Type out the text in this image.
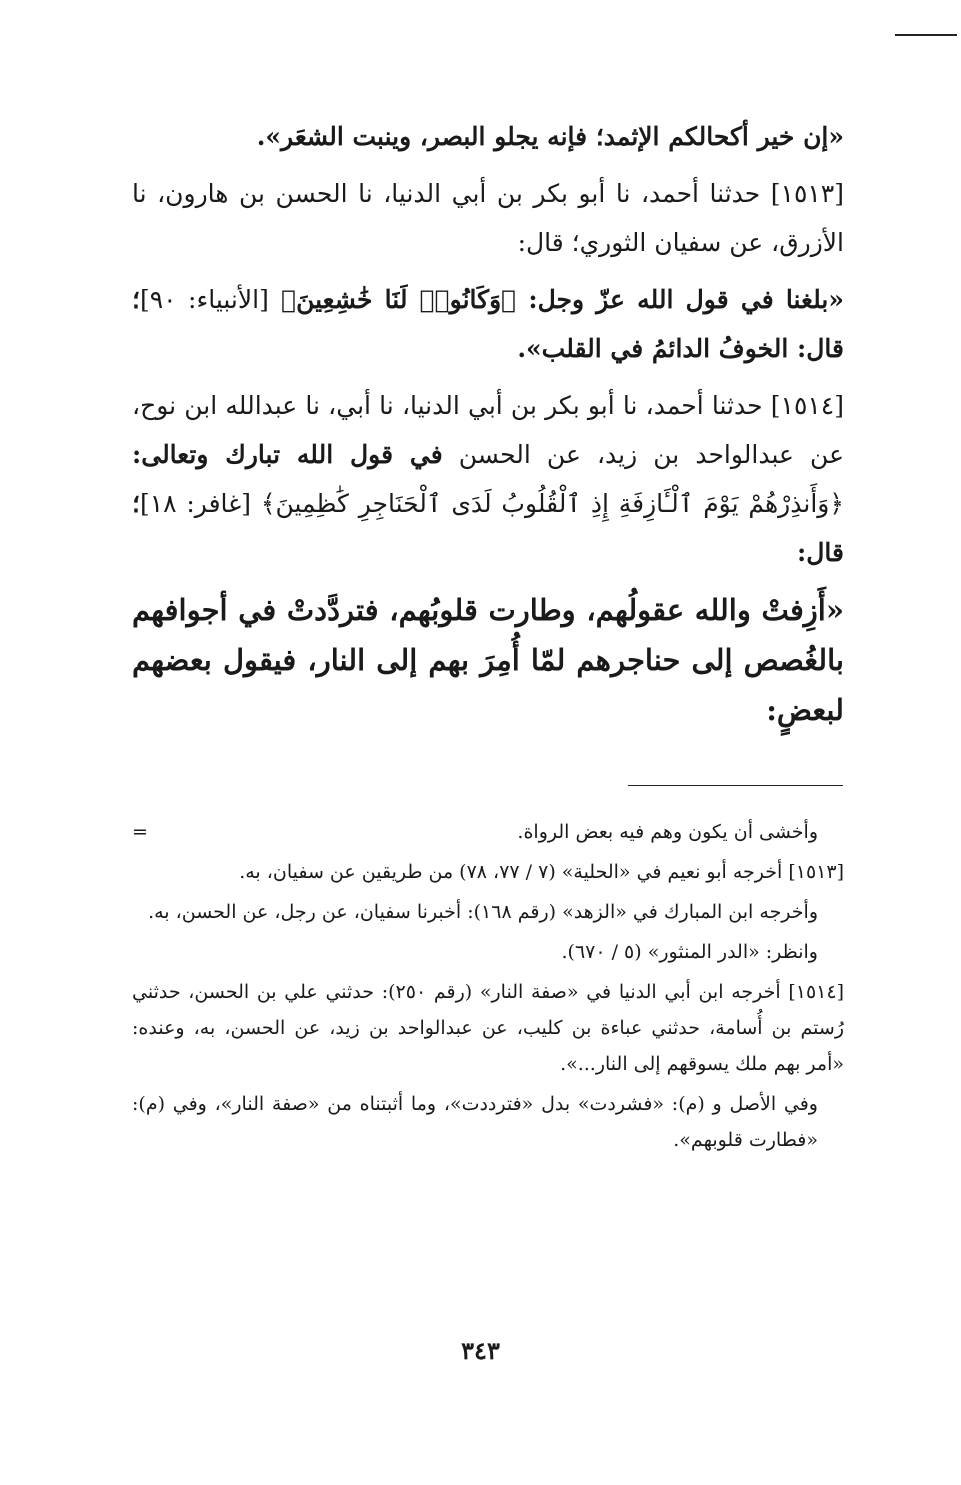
«إن خير أكحالكم الإثمد؛ فإنه يجلو البصر، وينبت الشعَر».

[١٥١٣] حدثنا أحمد، نا أبو بكر بن أبي الدنيا، نا الحسن بن هارون، نا الأزرق، عن سفيان الثوري؛ قال:

«بلغنا في قول الله عزّ وجل: ﴿وَكَانُوا۟ لَنَا خَٰشِعِينَ﴾ [الأنبياء: ٩٠]؛ قال: الخوفُ الدائمُ في القلب».

[١٥١٤] حدثنا أحمد، نا أبو بكر بن أبي الدنيا، نا أبي، نا عبدالله ابن نوح، عن عبدالواحد بن زيد، عن الحسن في قول الله تبارك وتعالى: ﴿وَأَنذِرْهُمْ يَوْمَ ٱلْـَٔازِفَةِ إِذِ ٱلْقُلُوبُ لَدَى ٱلْحَنَاجِرِ كَٰظِمِينَ﴾ [غافر: ١٨]؛ قال:

«أَزِفتْ والله عقولُهم، وطارت قلوبُهم، فتردَّدتْ في أجوافهم بالغُصص إلى حناجرهم لمّا أُمِرَ بهم إلى النار، فيقول بعضهم لبعضٍ:

=	وأخشى أن يكون وهم فيه بعض الرواة.

[١٥١٣] أخرجه أبو نعيم في «الحلية» (٧ / ٧٧، ٧٨) من طريقين عن سفيان، به.

وأخرجه ابن المبارك في «الزهد» (رقم ١٦٨): أخبرنا سفيان، عن رجل، عن الحسن، به.

وانظر: «الدر المنثور» (٥ / ٦٧٠).

[١٥١٤] أخرجه ابن أبي الدنيا في «صفة النار» (رقم ٢٥٠): حدثني علي بن الحسن، حدثني رُستم بن أُسامة، حدثني عباءة بن كليب، عن عبدالواحد بن زيد، عن الحسن، به، وعنده: «أمر بهم ملك يسوقهم إلى النار...».

وفي الأصل و (م): «فشردت» بدل «فترددت»، وما أثبتناه من «صفة النار»، وفي (م): «فطارت قلوبهم».

٣٤٣
